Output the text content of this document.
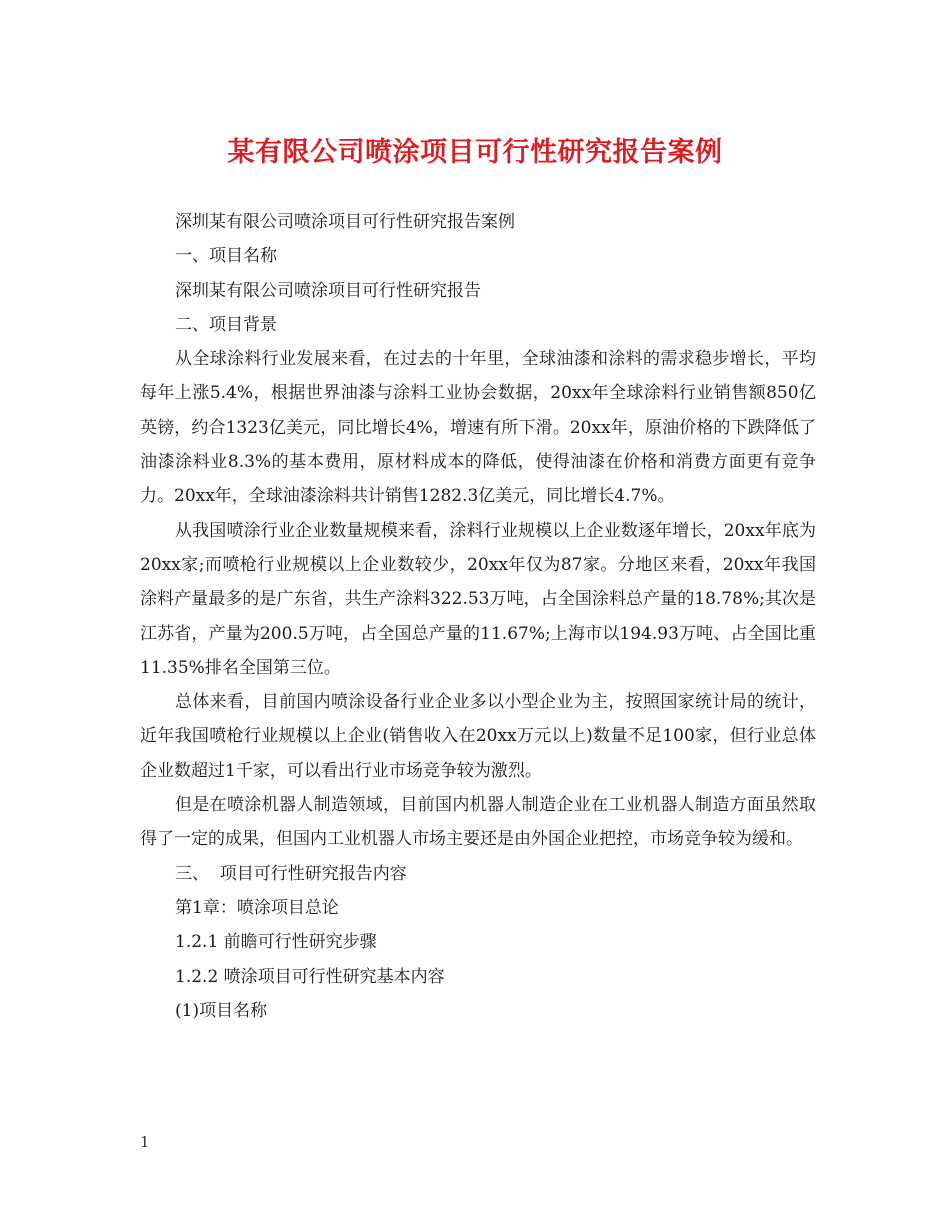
某有限公司喷涂项目可行性研究报告案例
深圳某有限公司喷涂项目可行性研究报告案例
一、项目名称
深圳某有限公司喷涂项目可行性研究报告
二、项目背景

从全球涂料行业发展来看，在过去的十年里，全球油漆和涂料的需求稳步增长，平均每年上涨5.4%，根据世界油漆与涂料工业协会数据，20xx年全球涂料行业销售额850亿英镑，约合1323亿美元，同比增长4%，增速有所下滑。20xx年，原油价格的下跌降低了油漆涂料业8.3%的基本费用，原材料成本的降低，使得油漆在价格和消费方面更有竞争力。20xx年，全球油漆涂料共计销售1282.3亿美元，同比增长4.7%。

从我国喷涂行业企业数量规模来看，涂料行业规模以上企业数逐年增长，20xx年底为20xx家;而喷枪行业规模以上企业数较少，20xx年仅为87家。分地区来看，20xx年我国涂料产量最多的是广东省，共生产涂料322.53万吨，占全国涂料总产量的18.78%;其次是江苏省，产量为200.5万吨，占全国总产量的11.67%;上海市以194.93万吨、占全国比重11.35%排名全国第三位。

总体来看，目前国内喷涂设备行业企业多以小型企业为主，按照国家统计局的统计，近年我国喷枪行业规模以上企业(销售收入在20xx万元以上)数量不足100家，但行业总体企业数超过1千家，可以看出行业市场竞争较为激烈。

但是在喷涂机器人制造领域，目前国内机器人制造企业在工业机器人制造方面虽然取得了一定的成果，但国内工业机器人市场主要还是由外国企业把控，市场竞争较为缓和。

三、  项目可行性研究报告内容
第1章：喷涂项目总论
1.2.1 前瞻可行性研究步骤
1.2.2 喷涂项目可行性研究基本内容
(1)项目名称
1
